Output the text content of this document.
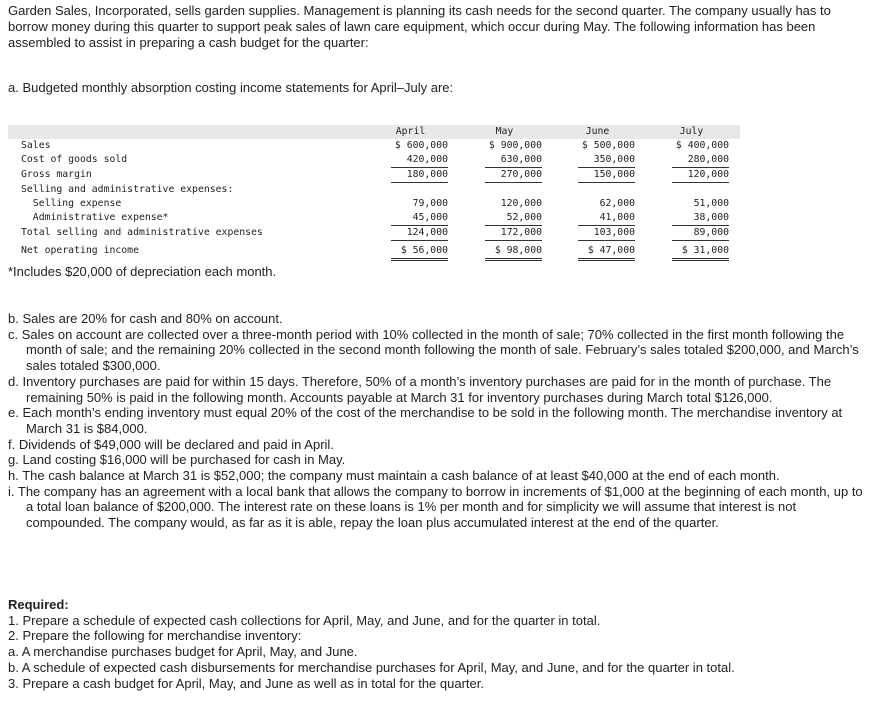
Garden Sales, Incorporated, sells garden supplies. Management is planning its cash needs for the second quarter. The company usually has to borrow money during this quarter to support peak sales of lawn care equipment, which occur during May. The following information has been assembled to assist in preparing a cash budget for the quarter:

a. Budgeted monthly absorption costing income statements for April–July are:

April	May	June	July
Sales	$ 600,000	$ 900,000	$ 500,000	$ 400,000
Cost of goods sold	420,000	630,000	350,000	280,000
Gross margin	180,000	270,000	150,000	120,000
Selling and administrative expenses:
Selling expense	79,000	120,000	62,000	51,000
Administrative expense*	45,000	52,000	41,000	38,000
Total selling and administrative expenses	124,000	172,000	103,000	89,000
Net operating income	$ 56,000	$ 98,000	$ 47,000	$ 31,000
*Includes $20,000 of depreciation each month.

b. Sales are 20% for cash and 80% on account.

c. Sales on account are collected over a three-month period with 10% collected in the month of sale; 70% collected in the first month following the month of sale; and the remaining 20% collected in the second month following the month of sale. February’s sales totaled $200,000, and March’s sales totaled $300,000.

d. Inventory purchases are paid for within 15 days. Therefore, 50% of a month’s inventory purchases are paid for in the month of purchase. The remaining 50% is paid in the following month. Accounts payable at March 31 for inventory purchases during March total $126,000.

e. Each month’s ending inventory must equal 20% of the cost of the merchandise to be sold in the following month. The merchandise inventory at March 31 is $84,000.

f. Dividends of $49,000 will be declared and paid in April.

g. Land costing $16,000 will be purchased for cash in May.

h. The cash balance at March 31 is $52,000; the company must maintain a cash balance of at least $40,000 at the end of each month.

i. The company has an agreement with a local bank that allows the company to borrow in increments of $1,000 at the beginning of each month, up to a total loan balance of $200,000. The interest rate on these loans is 1% per month and for simplicity we will assume that interest is not compounded. The company would, as far as it is able, repay the loan plus accumulated interest at the end of the quarter.

Required:
1. Prepare a schedule of expected cash collections for April, May, and June, and for the quarter in total.
2. Prepare the following for merchandise inventory:
a. A merchandise purchases budget for April, May, and June.
b. A schedule of expected cash disbursements for merchandise purchases for April, May, and June, and for the quarter in total.
3. Prepare a cash budget for April, May, and June as well as in total for the quarter.
